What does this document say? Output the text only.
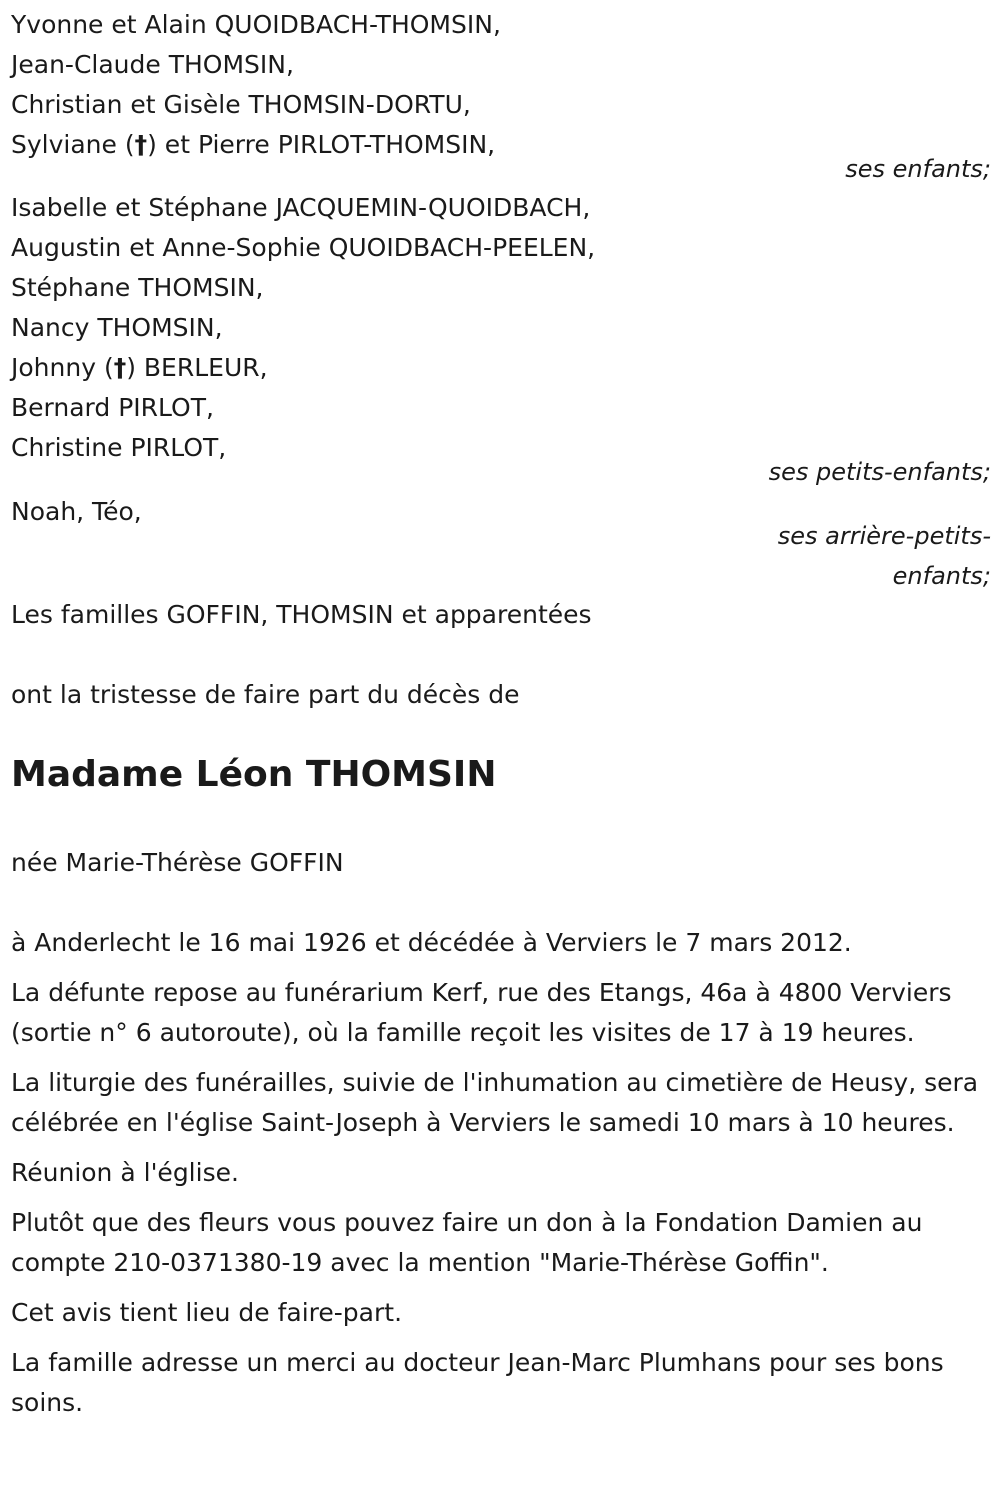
Yvonne et Alain QUOIDBACH-THOMSIN,
Jean-Claude THOMSIN,
Christian et Gisèle THOMSIN-DORTU,
Sylviane (†) et Pierre PIRLOT-THOMSIN,
ses enfants;
Isabelle et Stéphane JACQUEMIN-QUOIDBACH,
Augustin et Anne-Sophie QUOIDBACH-PEELEN,
Stéphane THOMSIN,
Nancy THOMSIN,
Johnny (†) BERLEUR,
Bernard PIRLOT,
Christine PIRLOT,
ses petits-enfants;
Noah, Téo,
ses arrière-petits-
enfants;
Les familles GOFFIN, THOMSIN et apparentées
ont la tristesse de faire part du décès de
Madame Léon THOMSIN
née Marie-Thérèse GOFFIN
à Anderlecht le 16 mai 1926 et décédée à Verviers le 7 mars 2012.
La défunte repose au funérarium Kerf, rue des Etangs, 46a à 4800 Verviers (sortie n° 6 autoroute), où la famille reçoit les visites de 17 à 19 heures.
La liturgie des funérailles, suivie de l'inhumation au cimetière de Heusy, sera célébrée en l'église Saint-Joseph à Verviers le samedi 10 mars à 10 heures.
Réunion à l'église.
Plutôt que des fleurs vous pouvez faire un don à la Fondation Damien au compte 210-0371380-19 avec la mention "Marie-Thérèse Goffin".
Cet avis tient lieu de faire-part.
La famille adresse un merci au docteur Jean-Marc Plumhans pour ses bons soins.
